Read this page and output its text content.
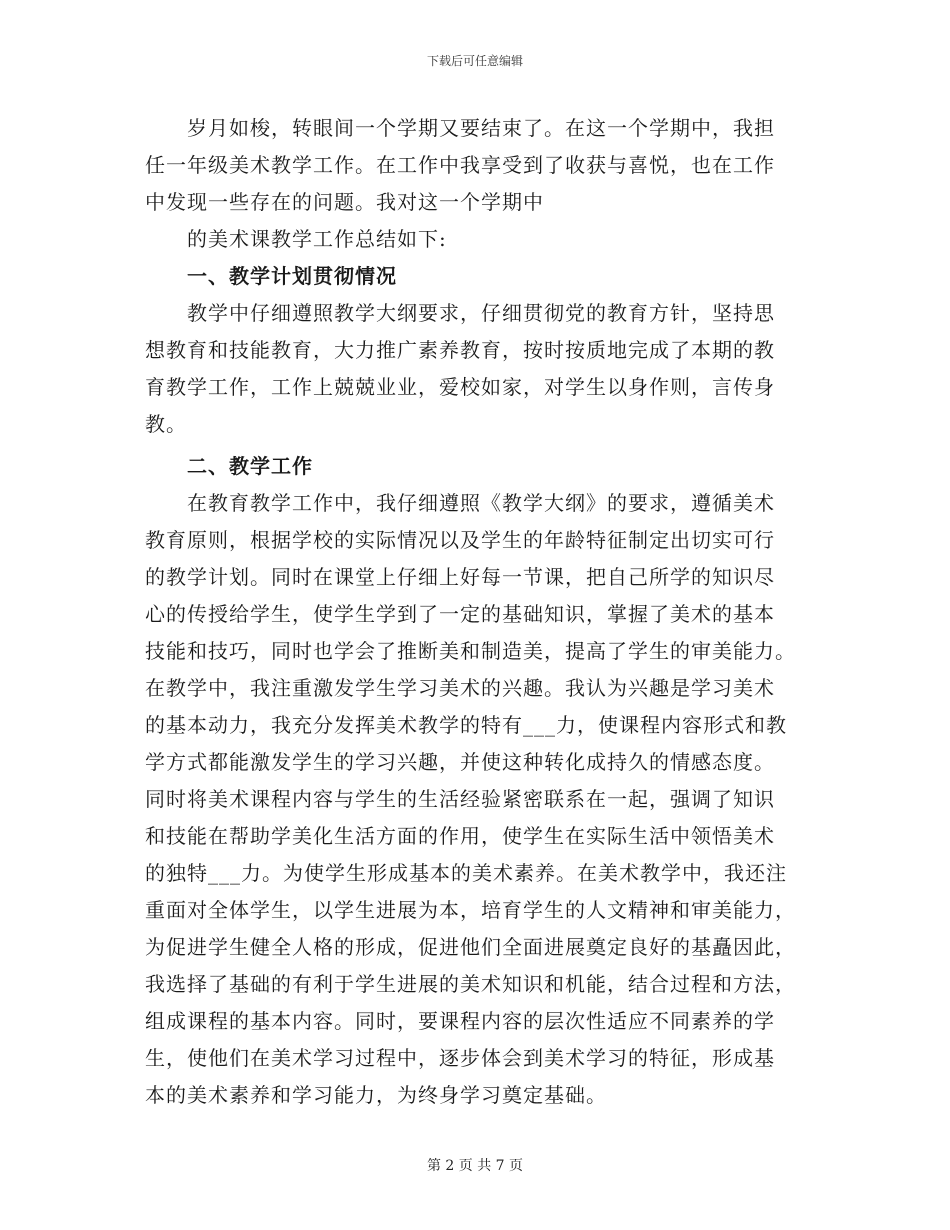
下载后可任意编辑
岁月如梭，转眼间一个学期又要结束了。在这一个学期中，我担
任一年级美术教学工作。在工作中我享受到了收获与喜悦，也在工作
中发现一些存在的问题。我对这一个学期中
的美术课教学工作总结如下:
一、教学计划贯彻情况
教学中仔细遵照教学大纲要求，仔细贯彻党的教育方针，坚持思
想教育和技能教育，大力推广素养教育，按时按质地完成了本期的教
育教学工作，工作上兢兢业业，爱校如家，对学生以身作则，言传身
教。
二、教学工作
在教育教学工作中，我仔细遵照《教学大纲》的要求，遵循美术
教育原则，根据学校的实际情况以及学生的年龄特征制定出切实可行
的教学计划。同时在课堂上仔细上好每一节课，把自己所学的知识尽
心的传授给学生，使学生学到了一定的基础知识，掌握了美术的基本
技能和技巧，同时也学会了推断美和制造美，提高了学生的审美能力。
在教学中，我注重激发学生学习美术的兴趣。我认为兴趣是学习美术
的基本动力，我充分发挥美术教学的特有___力，使课程内容形式和教
学方式都能激发学生的学习兴趣，并使这种转化成持久的情感态度。
同时将美术课程内容与学生的生活经验紧密联系在一起，强调了知识
和技能在帮助学美化生活方面的作用，使学生在实际生活中领悟美术
的独特___力。为使学生形成基本的美术素养。在美术教学中，我还注
重面对全体学生，以学生进展为本，培育学生的人文精神和审美能力，
为促进学生健全人格的形成，促进他们全面进展奠定良好的基矗因此，
我选择了基础的有利于学生进展的美术知识和机能，结合过程和方法，
组成课程的基本内容。同时，要课程内容的层次性适应不同素养的学
生，使他们在美术学习过程中，逐步体会到美术学习的特征，形成基
本的美术素养和学习能力，为终身学习奠定基础。
第 2 页 共 7 页
